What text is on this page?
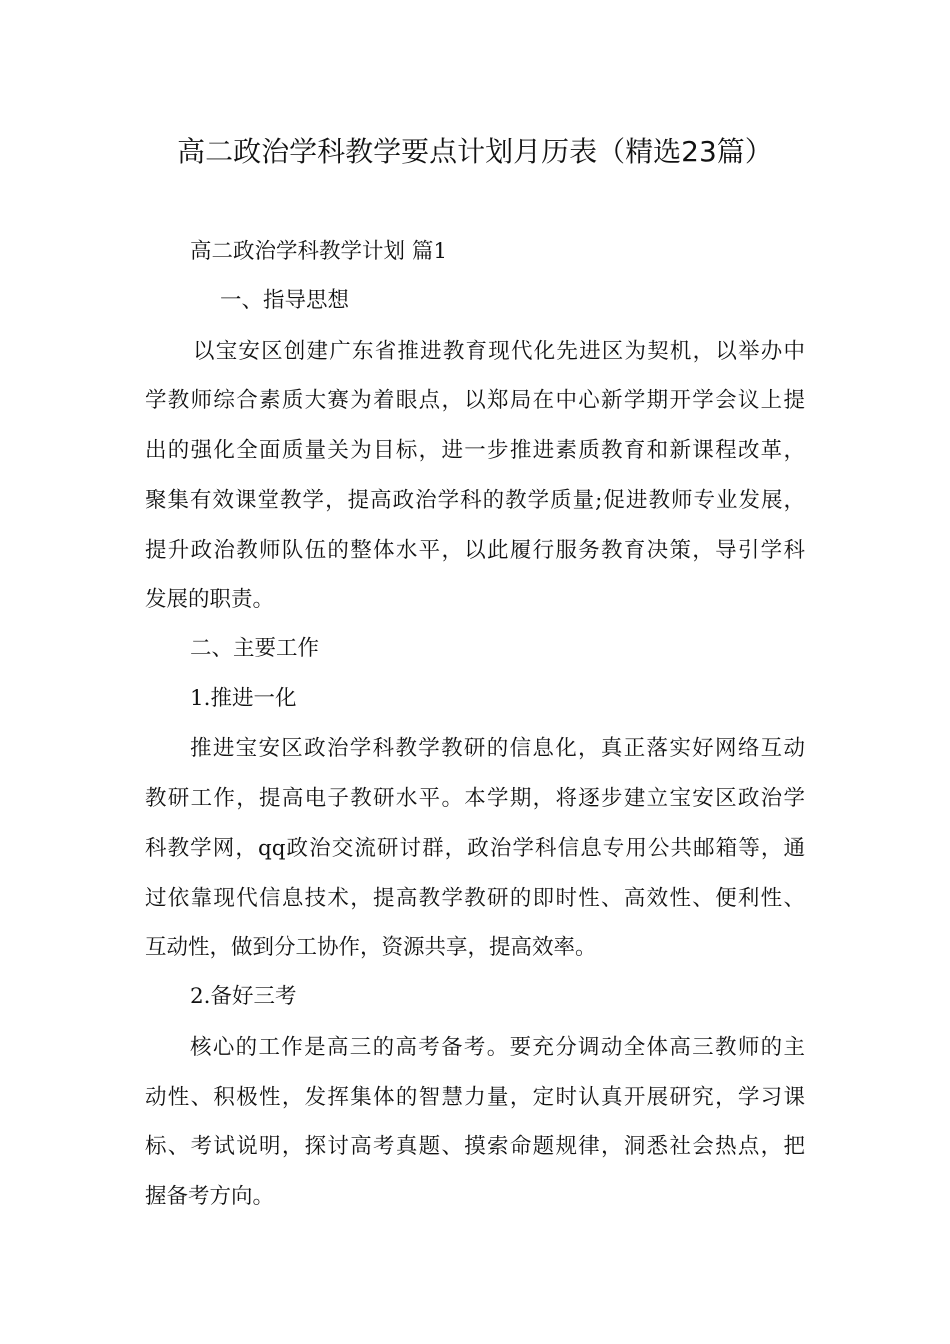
高二政治学科教学要点计划月历表（精选23篇）
高二政治学科教学计划 篇1
一、指导思想
以宝安区创建广东省推进教育现代化先进区为契机，以举办中
学教师综合素质大赛为着眼点，以郑局在中心新学期开学会议上提
出的强化全面质量关为目标，进一步推进素质教育和新课程改革，
聚集有效课堂教学，提高政治学科的教学质量;促进教师专业发展，
提升政治教师队伍的整体水平，以此履行服务教育决策，导引学科
发展的职责。
二、主要工作
1.推进一化
推进宝安区政治学科教学教研的信息化，真正落实好网络互动
教研工作，提高电子教研水平。本学期，将逐步建立宝安区政治学
科教学网，qq政治交流研讨群，政治学科信息专用公共邮箱等，通
过依靠现代信息技术，提高教学教研的即时性、高效性、便利性、
互动性，做到分工协作，资源共享，提高效率。
2.备好三考
核心的工作是高三的高考备考。要充分调动全体高三教师的主
动性、积极性，发挥集体的智慧力量，定时认真开展研究，学习课
标、考试说明，探讨高考真题、摸索命题规律，洞悉社会热点，把
握备考方向。
